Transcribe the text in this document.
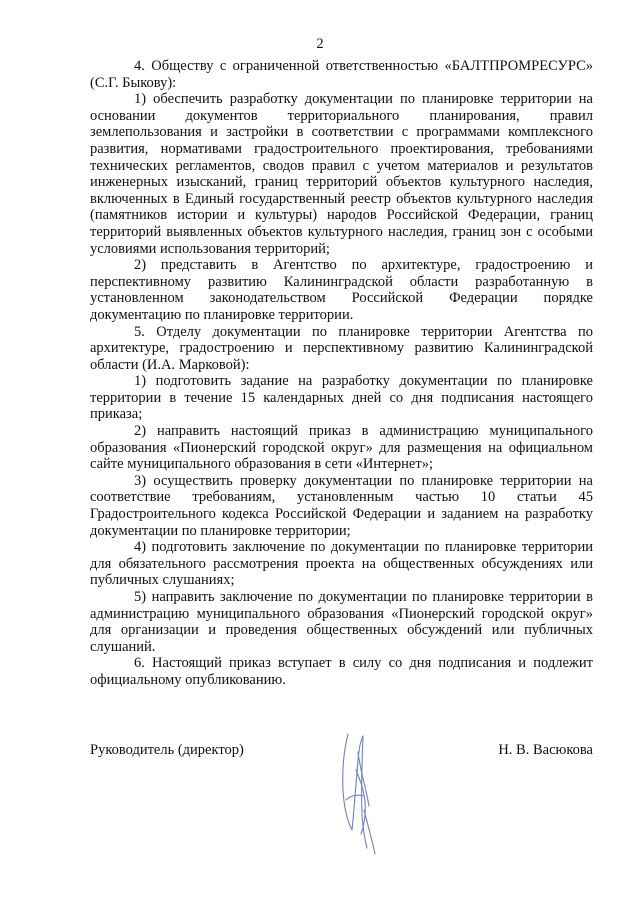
2

4. Обществу с ограниченной ответственностью «БАЛТПРОМРЕСУРС» (С.Г. Быкову):

1) обеспечить разработку документации по планировке территории на основании документов территориального планирования, правил землепользования и застройки в соответствии с программами комплексного развития, нормативами градостроительного проектирования, требованиями технических регламентов, сводов правил с учетом материалов и результатов инженерных изысканий, границ территорий объектов культурного наследия, включенных в Единый государственный реестр объектов культурного наследия (памятников истории и культуры) народов Российской Федерации, границ территорий выявленных объектов культурного наследия, границ зон с особыми условиями использования территорий;

2) представить в Агентство по архитектуре, градостроению и перспективному развитию Калининградской области разработанную в установленном законодательством Российской Федерации порядке документацию по планировке территории.

5. Отделу документации по планировке территории Агентства по архитектуре, градостроению и перспективному развитию Калининградской области (И.А. Марковой):

1) подготовить задание на разработку документации по планировке территории в течение 15 календарных дней со дня подписания настоящего приказа;

2) направить настоящий приказ в администрацию муниципального образования «Пионерский городской округ» для размещения на официальном сайте муниципального образования в сети «Интернет»;

3) осуществить проверку документации по планировке территории на соответствие требованиям, установленным частью 10 статьи 45 Градостроительного кодекса Российской Федерации и заданием на разработку документации по планировке территории;

4) подготовить заключение по документации по планировке территории для обязательного рассмотрения проекта на общественных обсуждениях или публичных слушаниях;

5) направить заключение по документации по планировке территории в администрацию муниципального образования «Пионерский городской округ» для организации и проведения общественных обсуждений или публичных слушаний.

6. Настоящий приказ вступает в силу со дня подписания и подлежит официальному опубликованию.

Руководитель (директор)	Н. В. Васюкова
